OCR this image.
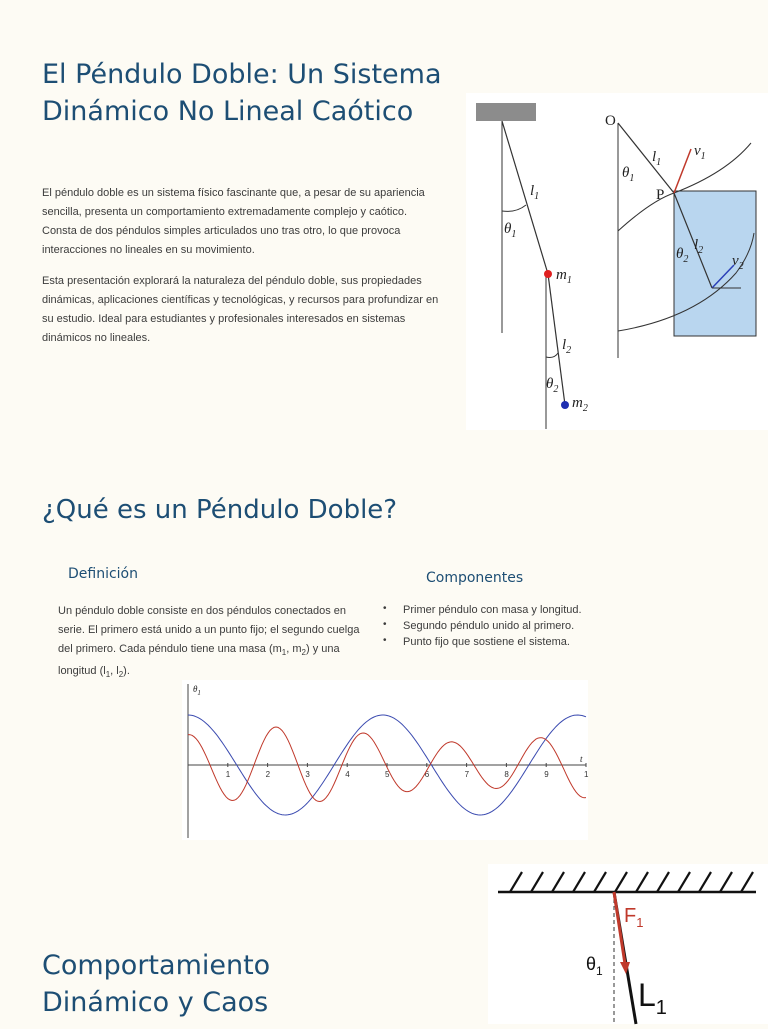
El Péndulo Doble: Un Sistema Dinámico No Lineal Caótico

El péndulo doble es un sistema físico fascinante que, a pesar de su apariencia sencilla, presenta un comportamiento extremadamente complejo y caótico. Consta de dos péndulos simples articulados uno tras otro, lo que provoca interacciones no lineales en su movimiento.

Esta presentación explorará la naturaleza del péndulo doble, sus propiedades dinámicas, aplicaciones científicas y tecnológicas, y recursos para profundizar en su estudio. Ideal para estudiantes y profesionales interesados en sistemas dinámicos no lineales.

$l_1$
$\theta_1$
$m_1$
$l_2$
$\theta_2$
$m_2$
O
$l_1$
$v_1$
$\theta_1$
P
$\theta_2$
$l_2$
$v_2$
¿Qué es un Péndulo Doble?
Definición	Componentes
Un péndulo doble consiste en dos péndulos conectados en serie. El primero está unido a un punto fijo; el segundo cuelga del primero. Cada péndulo tiene una masa ($m_1$, $m_2$) y una longitud ($l_1$, $l_2$).
• Primer péndulo con masa y longitud.
• Segundo péndulo unido al primero.
• Punto fijo que sostiene el sistema.
$\theta_1$
t
1	2	3	4	5	6	7	8	9	1
Comportamiento Dinámico y Caos
$F_1$
$\theta_1$
$L_1$
